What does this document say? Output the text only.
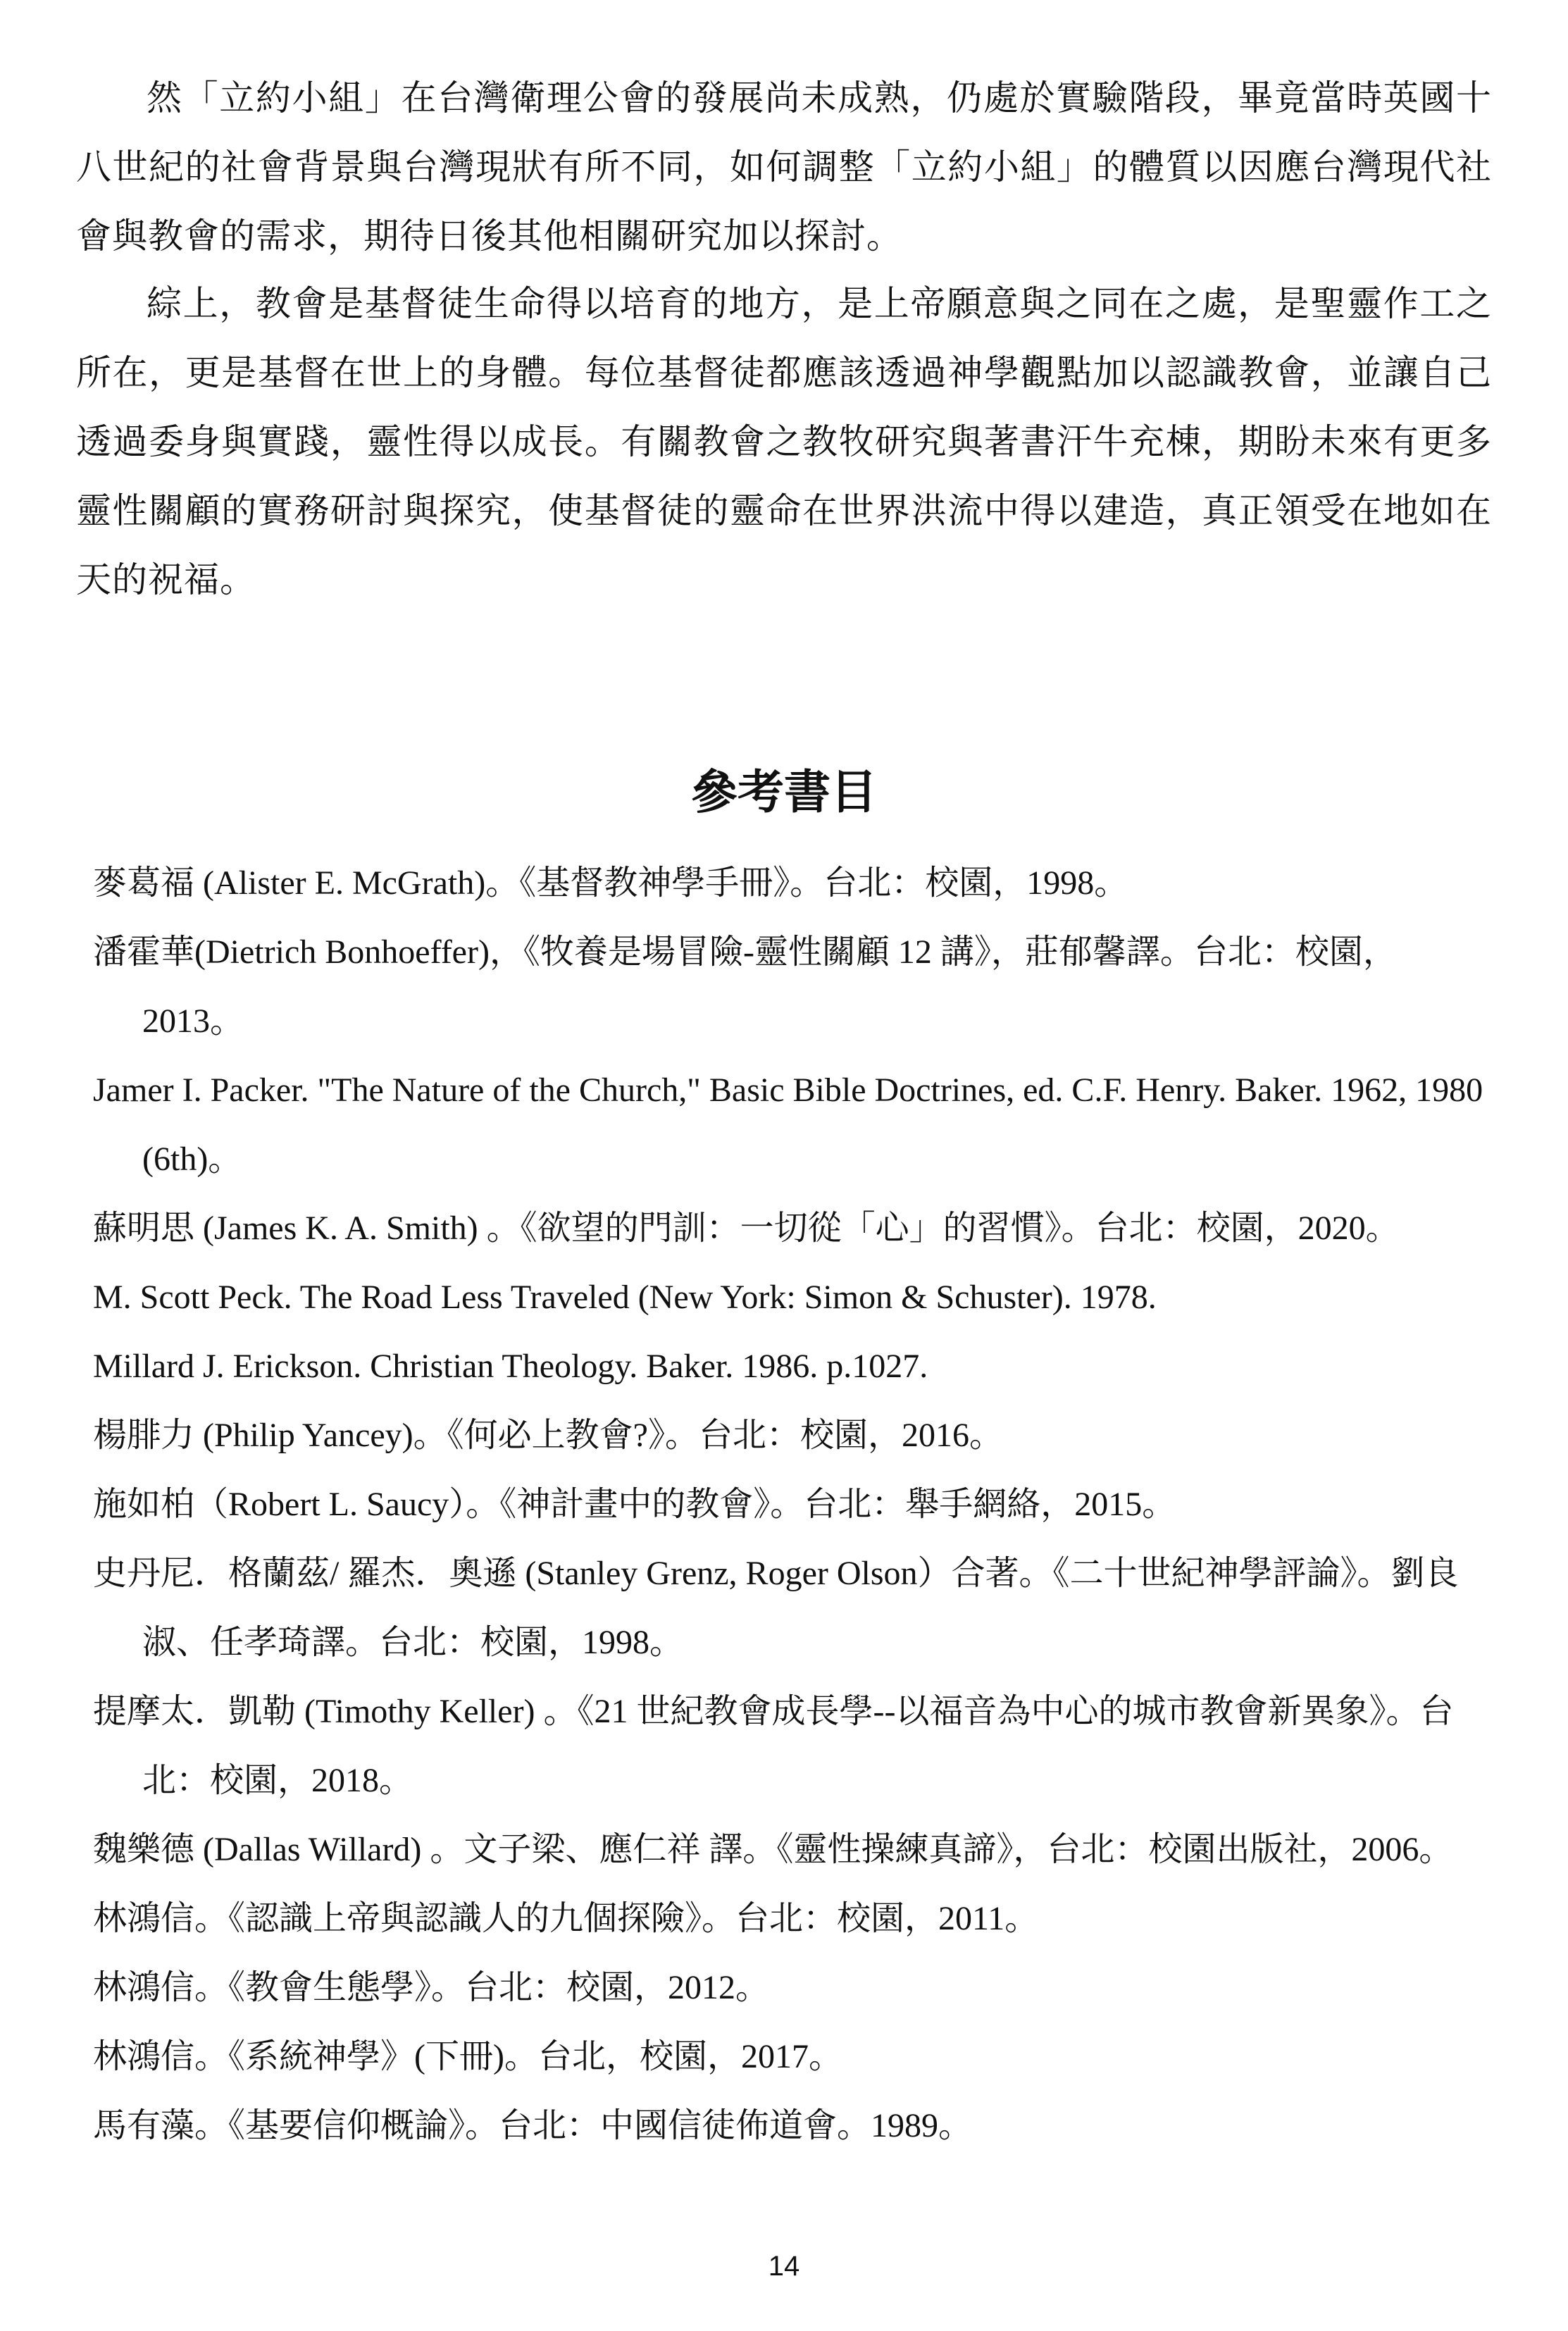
然「立約小組」在台灣衛理公會的發展尚未成熟，仍處於實驗階段，畢竟當時英國十八世紀的社會背景與台灣現狀有所不同，如何調整「立約小組」的體質以因應台灣現代社會與教會的需求，期待日後其他相關研究加以探討。

綜上，教會是基督徒生命得以培育的地方，是上帝願意與之同在之處，是聖靈作工之所在，更是基督在世上的身體。每位基督徒都應該透過神學觀點加以認識教會，並讓自己透過委身與實踐，靈性得以成長。有關教會之教牧研究與著書汗牛充棟，期盼未來有更多靈性關顧的實務研討與探究，使基督徒的靈命在世界洪流中得以建造，真正領受在地如在天的祝福。

參考書目
麥葛福 (Alister E. McGrath)。《基督教神學手冊》。台北：校園，1998。
潘霍華(Dietrich Bonhoeffer)，《牧養是場冒險-靈性關顧 12 講》，莊郁馨譯。台北：校園，2013。
Jamer I. Packer. "The Nature of the Church," Basic Bible Doctrines, ed. C.F. Henry. Baker. 1962, 1980 (6th)。
蘇明思 (James K. A. Smith) 。《欲望的門訓：一切從「心」的習慣》。台北：校園，2020。
M. Scott Peck. The Road Less Traveled (New York: Simon & Schuster). 1978.
Millard J. Erickson. Christian Theology. Baker. 1986. p.1027.
楊腓力 (Philip Yancey)。《何必上教會?》。台北：校園，2016。
施如柏（Robert L. Saucy）。《神計畫中的教會》。台北：舉手網絡，2015。
史丹尼．格蘭茲/ 羅杰．奧遜 (Stanley Grenz, Roger Olson）合著。《二十世紀神學評論》。劉良淑、任孝琦譯。台北：校園，1998。
提摩太．凱勒 (Timothy Keller) 。《21 世紀教會成長學--以福音為中心的城市教會新異象》。台北：校園，2018。
魏樂德 (Dallas Willard) 。文子梁、應仁祥 譯。《靈性操練真諦》，台北：校園出版社，2006。
林鴻信。《認識上帝與認識人的九個探險》。台北：校園，2011。
林鴻信。《教會生態學》。台北：校園，2012。
林鴻信。《系統神學》(下冊)。台北，校園，2017。
馬有藻。《基要信仰概論》。台北：中國信徒佈道會。1989。
14
